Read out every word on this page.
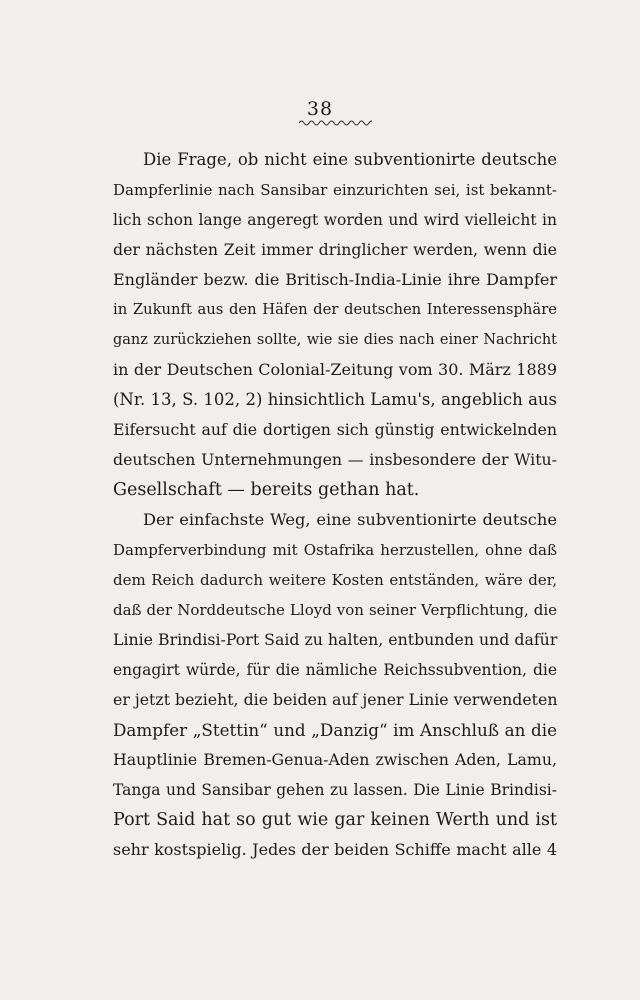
38
Die Frage, ob nicht eine subventionirte deutsche
Dampferlinie nach Sansibar einzurichten sei, ist bekannt-
lich schon lange angeregt worden und wird vielleicht in
der nächsten Zeit immer dringlicher werden, wenn die
Engländer bezw. die Britisch-India-Linie ihre Dampfer
in Zukunft aus den Häfen der deutschen Interessensphäre
ganz zurückziehen sollte, wie sie dies nach einer Nachricht
in der Deutschen Colonial-Zeitung vom 30. März 1889
(Nr. 13, S. 102, 2) hinsichtlich Lamu's, angeblich aus
Eifersucht auf die dortigen sich günstig entwickelnden
deutschen Unternehmungen — insbesondere der Witu-
Gesellschaft — bereits gethan hat.
Der einfachste Weg, eine subventionirte deutsche
Dampferverbindung mit Ostafrika herzustellen, ohne daß
dem Reich dadurch weitere Kosten entständen, wäre der,
daß der Norddeutsche Lloyd von seiner Verpflichtung, die
Linie Brindisi-Port Said zu halten, entbunden und dafür
engagirt würde, für die nämliche Reichssubvention, die
er jetzt bezieht, die beiden auf jener Linie verwendeten
Dampfer „Stettin“ und „Danzig“ im Anschluß an die
Hauptlinie Bremen-Genua-Aden zwischen Aden, Lamu,
Tanga und Sansibar gehen zu lassen. Die Linie Brindisi-
Port Said hat so gut wie gar keinen Werth und ist
sehr kostspielig. Jedes der beiden Schiffe macht alle 4
